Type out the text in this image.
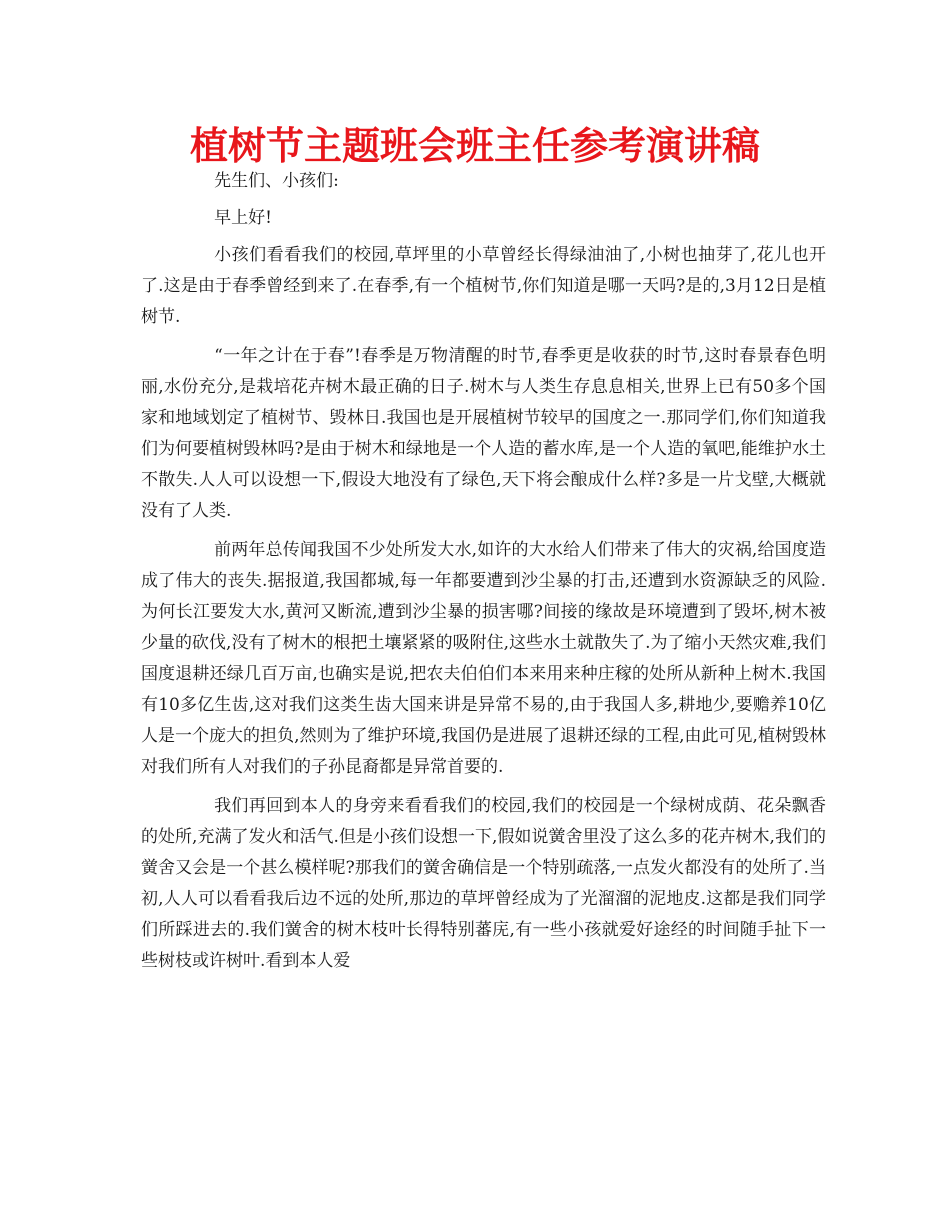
植树节主题班会班主任参考演讲稿

先生们、小孩们:

早上好!

小孩们看看我们的校园,草坪里的小草曾经长得绿油油了,小树也抽芽了,花儿也开了.这是由于春季曾经到来了.在春季,有一个植树节,你们知道是哪一天吗?是的,3月12日是植树节.

“一年之计在于春”!春季是万物清醒的时节,春季更是收获的时节,这时春景春色明丽,水份充分,是栽培花卉树木最正确的日子.树木与人类生存息息相关,世界上已有50多个国家和地域划定了植树节、毁林日.我国也是开展植树节较早的国度之一.那同学们,你们知道我们为何要植树毁林吗?是由于树木和绿地是一个人造的蓄水库,是一个人造的氧吧,能维护水土不散失.人人可以设想一下,假设大地没有了绿色,天下将会酿成什么样?多是一片戈壁,大概就没有了人类.

前两年总传闻我国不少处所发大水,如许的大水给人们带来了伟大的灾祸,给国度造成了伟大的丧失.据报道,我国都城,每一年都要遭到沙尘暴的打击,还遭到水资源缺乏的风险.为何长江要发大水,黄河又断流,遭到沙尘暴的损害哪?间接的缘故是环境遭到了毁坏,树木被少量的砍伐,没有了树木的根把土壤紧紧的吸附住,这些水土就散失了.为了缩小天然灾难,我们国度退耕还绿几百万亩,也确实是说,把农夫伯伯们本来用来种庄稼的处所从新种上树木.我国有10多亿生齿,这对我们这类生齿大国来讲是异常不易的,由于我国人多,耕地少,要赡养10亿人是一个庞大的担负,然则为了维护环境,我国仍是进展了退耕还绿的工程,由此可见,植树毁林对我们所有人对我们的子孙昆裔都是异常首要的.

我们再回到本人的身旁来看看我们的校园,我们的校园是一个绿树成荫、花朵飘香的处所,充满了发火和活气.但是小孩们设想一下,假如说黉舍里没了这么多的花卉树木,我们的黉舍又会是一个甚么模样呢?那我们的黉舍确信是一个特别疏落,一点发火都没有的处所了.当初,人人可以看看我后边不远的处所,那边的草坪曾经成为了光溜溜的泥地皮.这都是我们同学们所踩进去的.我们黉舍的树木枝叶长得特别蕃庑,有一些小孩就爱好途经的时间随手扯下一些树枝或许树叶.看到本人爱
